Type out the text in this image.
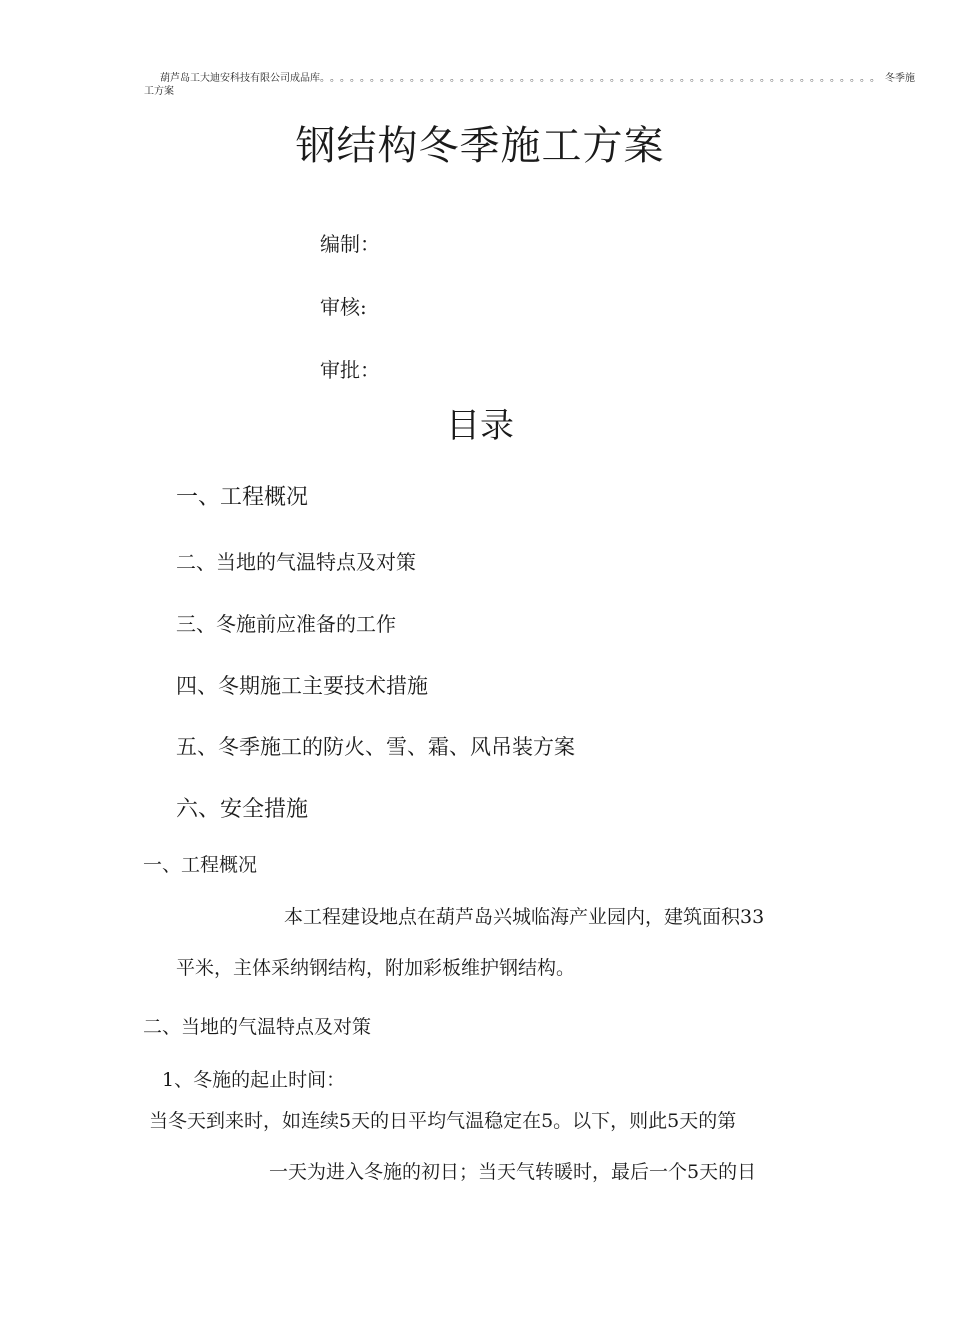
葫芦岛工大迪安科技有限公司成品库 。。。。。。。。。。。。。。。。。。。。。。。。。。。。。。。。。。。。。。。。。。。。。。。。。。。。。。。。 冬季施
工方案
钢结构冬季施工方案
编制：
审核:
审批：
目录
一、工程概况
二、当地的气温特点及对策
三、冬施前应准备的工作
四、冬期施工主要技术措施
五、冬季施工的防火、雪、霜、风吊装方案
六、安全措施
一、工程概况
本工程建设地点在葫芦岛兴城临海产业园内，建筑面积33
平米，主体采纳钢结构，附加彩板维护钢结构。
二、当地的气温特点及对策
1、冬施的起止时间：
当冬天到来时，如连续5天的日平均气温稳定在5。以下，则此5天的第
一天为进入冬施的初日；当天气转暖时，最后一个5天的日
